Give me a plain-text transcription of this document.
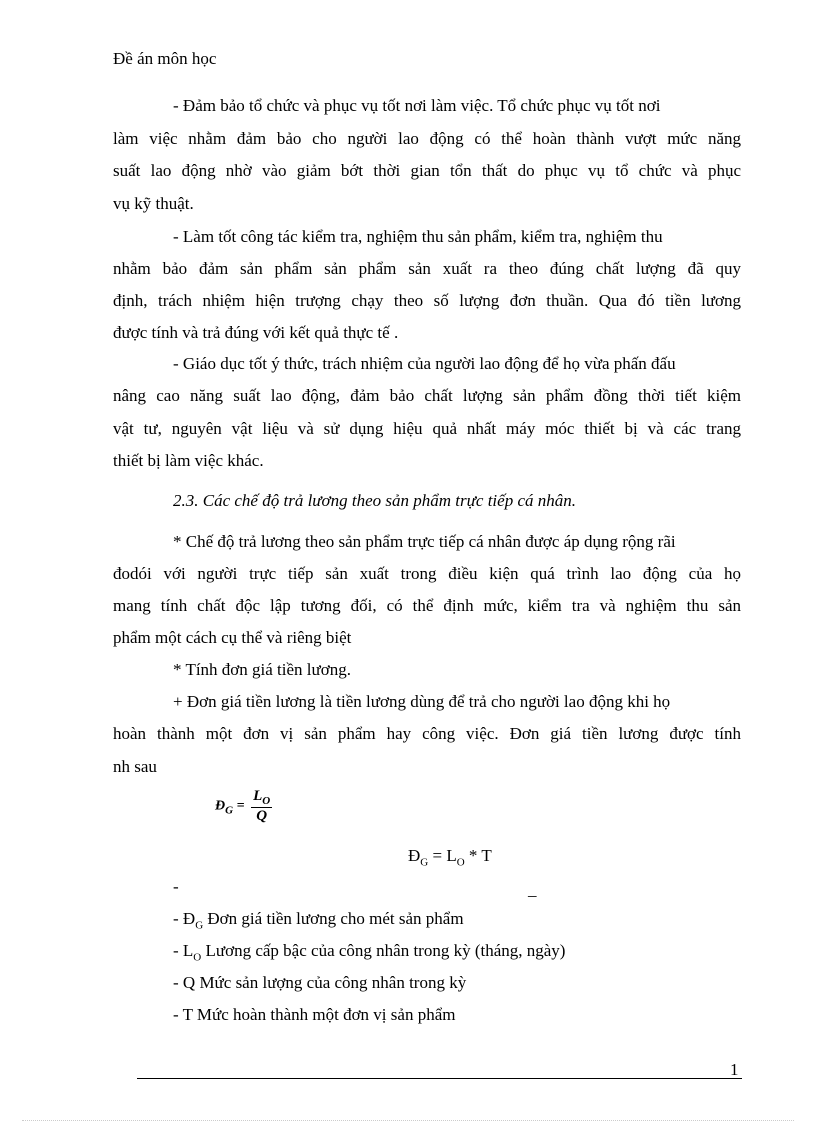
Đề án môn học
- Đảm bảo tổ chức và phục vụ tốt nơi làm việc. Tổ chức phục vụ tốt nơi
làm việc nhằm đảm bảo cho người lao động có thể hoàn thành vượt mức năng
suất lao động nhờ vào giảm bớt thời gian tổn thất do phục vụ tổ chức và phục
vụ kỹ thuật.
- Làm tốt công tác kiểm tra, nghiệm thu sản phẩm, kiểm tra, nghiệm thu
nhằm bảo đảm sản phẩm sản phẩm sản xuất ra theo đúng chất lượng đã quy
định, trách nhiệm hiện trượng chạy theo số lượng đơn thuần. Qua đó tiền lương
được tính và trả đúng với kết quả thực tế .
- Giáo dục tốt ý thức, trách nhiệm của người lao động để họ vừa phấn đấu
nâng cao năng suất lao động, đảm bảo chất lượng sản phẩm đồng thời tiết kiệm
vật tư, nguyên vật liệu và sử dụng hiệu quả nhất máy móc thiết bị và các trang
thiết bị làm việc khác.
2.3. Các chế độ trả lương theo sản phẩm trực tiếp cá nhân.
* Chế độ trả lương theo sản phẩm trực tiếp cá nhân được áp dụng rộng rãi
đodói với người trực tiếp sản xuất trong điều kiện quá trình lao động của họ
mang tính chất độc lập tương đối, có thể định mức, kiểm tra và nghiệm thu sản
phẩm một cách cụ thể và riêng biệt
* Tính đơn giá tiền lương.
+ Đơn giá tiền lương là tiền lương dùng để trả cho người lao động khi họ
hoàn thành một đơn vị sản phẩm hay công việc. Đơn giá tiền lương được tính
nh sau
$Đ_G = \frac{L_O}{Q}$
$Đ_G = L_O * T$
-	_
- $Đ_G$ Đơn giá tiền lương cho mét sản phẩm
- $L_O$ Lương cấp bậc của công nhân trong kỳ (tháng, ngày)
- Q Mức sản lượng của công nhân trong kỳ
- T Mức hoàn thành một đơn vị sản phẩm
1
